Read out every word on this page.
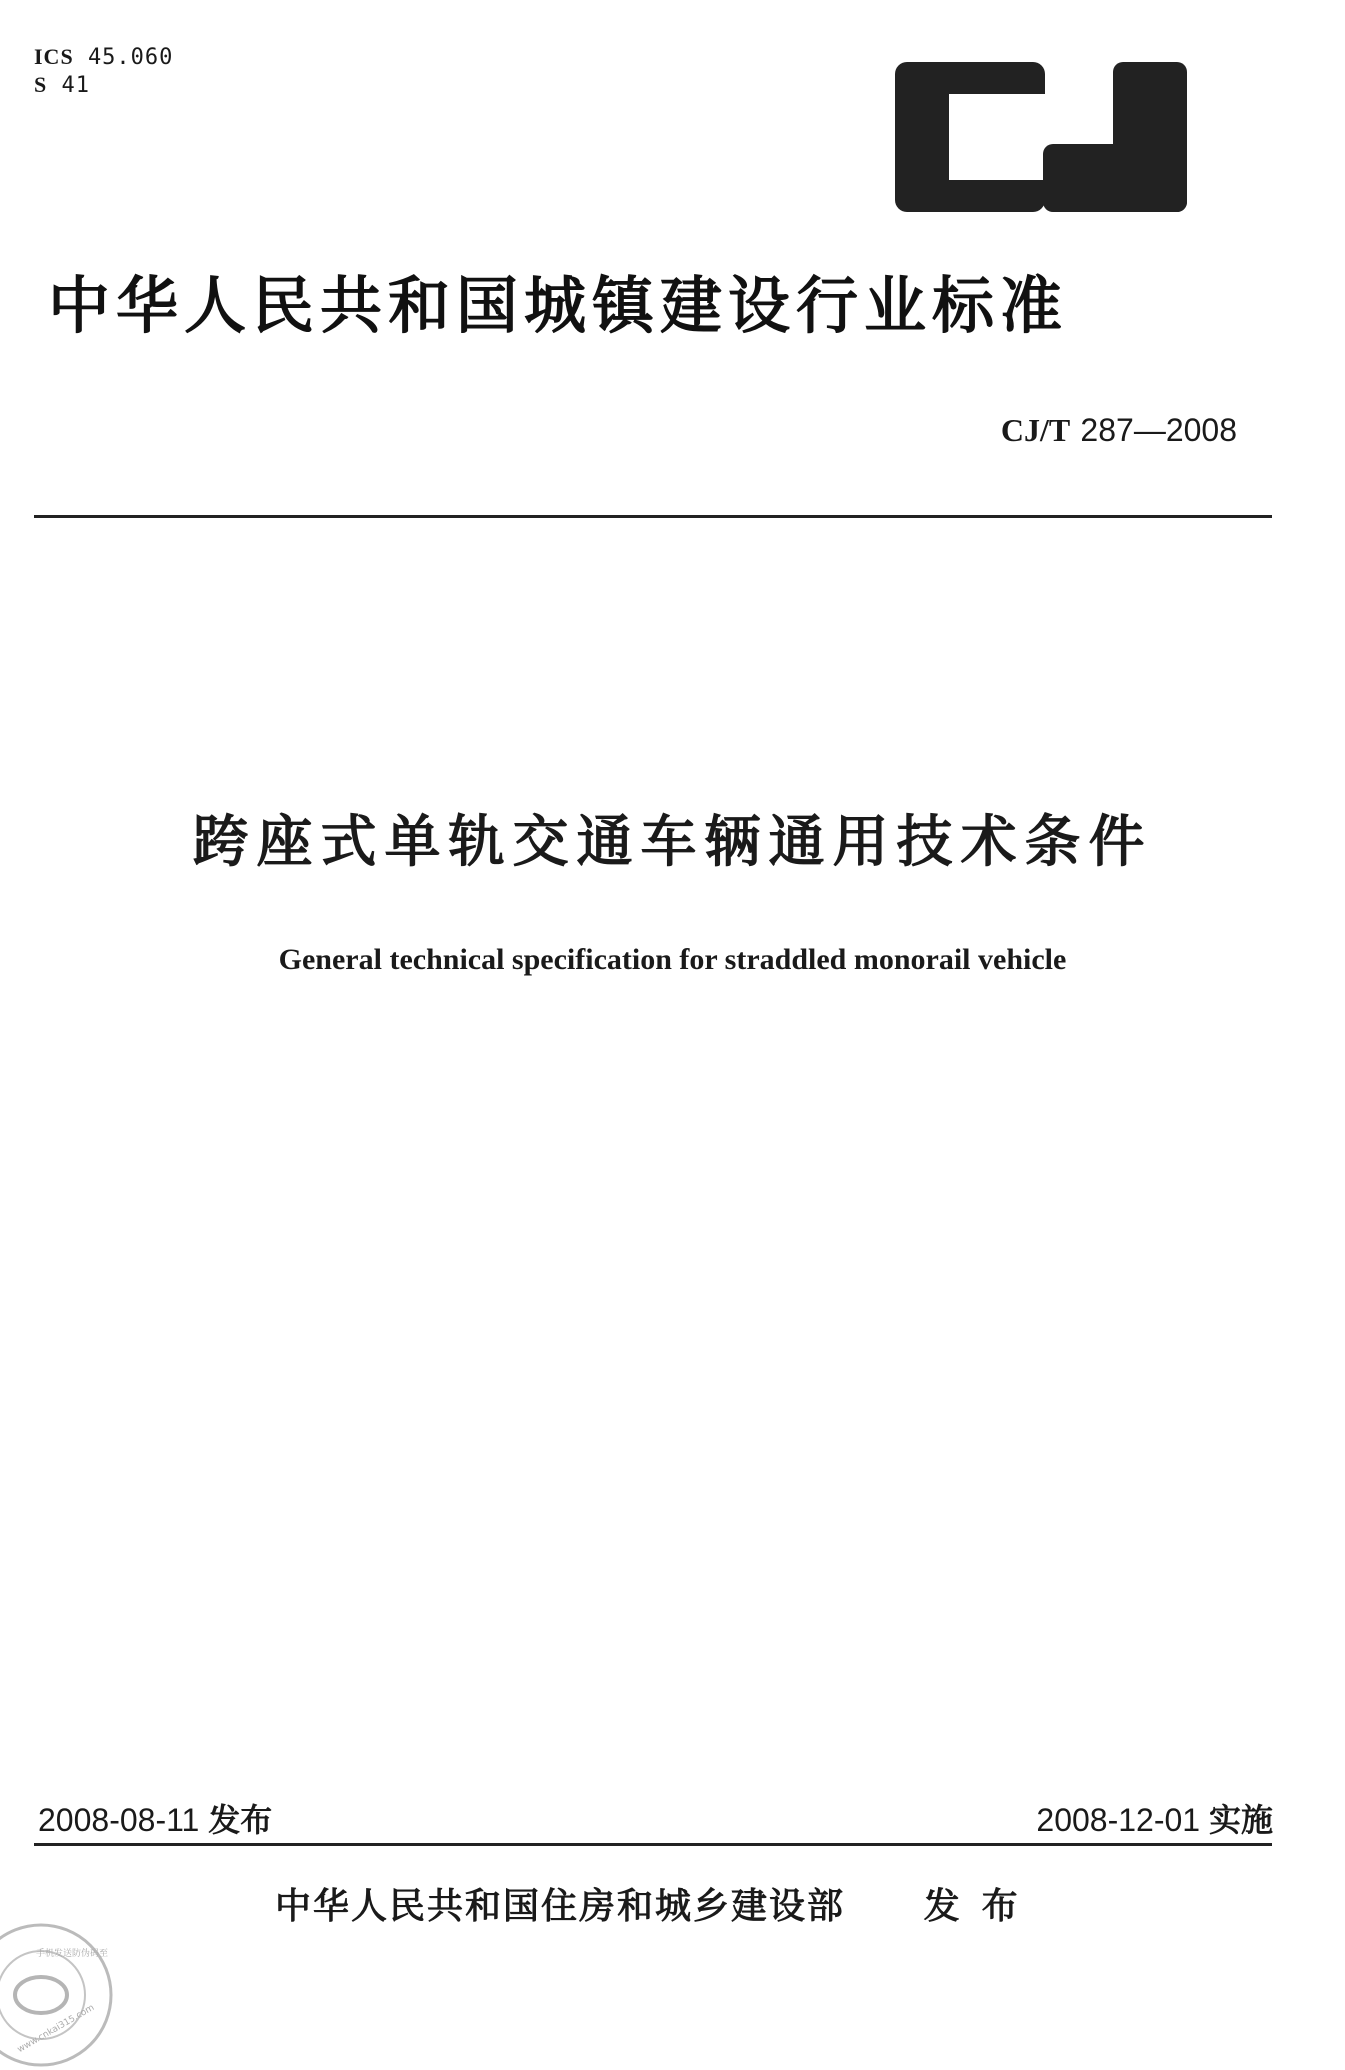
ICS 45.060
S 41
CJ
中华人民共和国城镇建设行业标准
CJ/T 287—2008
跨座式单轨交通车辆通用技术条件
General technical specification for straddled monorail vehicle
2008-08-11 发布	2008-12-01 实施
中华人民共和国住房和城乡建设部 发布
手机发送防伪码至
www.cnkai315.com
